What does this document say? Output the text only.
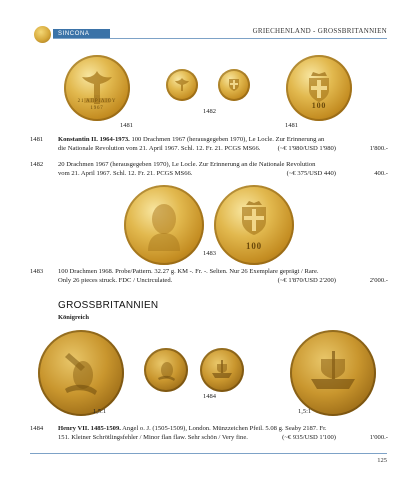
SINCONA	GRIECHENLAND - GROSSBRITANNIEN
21 AΠΡΙΛΙΟΥ
1967
1481
1482
100
1481
1481 Konstantin II. 1964-1973. 100 Drachmen 1967 (herausgegeben 1970), Le Locle. Zur Erinnerung an die Nationale Revolution vom 21. April 1967. Schl. 12. Fr. 21. PCGS MS66.	(~€ 1'980/USD 1'980)	1'800.-
1482 20 Drachmen 1967 (herausgegeben 1970), Le Locle. Zur Erinnerung an die Nationale Revolution vom 21. April 1967. Schl. 12. Fr. 21. PCGS MS66.	(~€ 375/USD 440)	400.-
100
1483
1483 100 Drachmen 1968. Probe/Pattern. 32.27 g. KM -. Fr. -. Selten. Nur 26 Exemplare geprägt / Rare. Only 26 pieces struck. FDC / Uncirculated.	(~€ 1'870/USD 2'200)	2'000.-
GROSSBRITANNIEN
Königreich
1,5:1
1484
1,5:1
1484 Henry VII. 1485-1509. Angel o. J. (1505-1509), London. Münzzeichen Pfeil. 5.08 g. Seaby 2187. Fr. 151. Kleiner Schrötlingsfehler / Minor flan flaw. Sehr schön / Very fine.	(~€ 935/USD 1'100)	1'000.-
125
